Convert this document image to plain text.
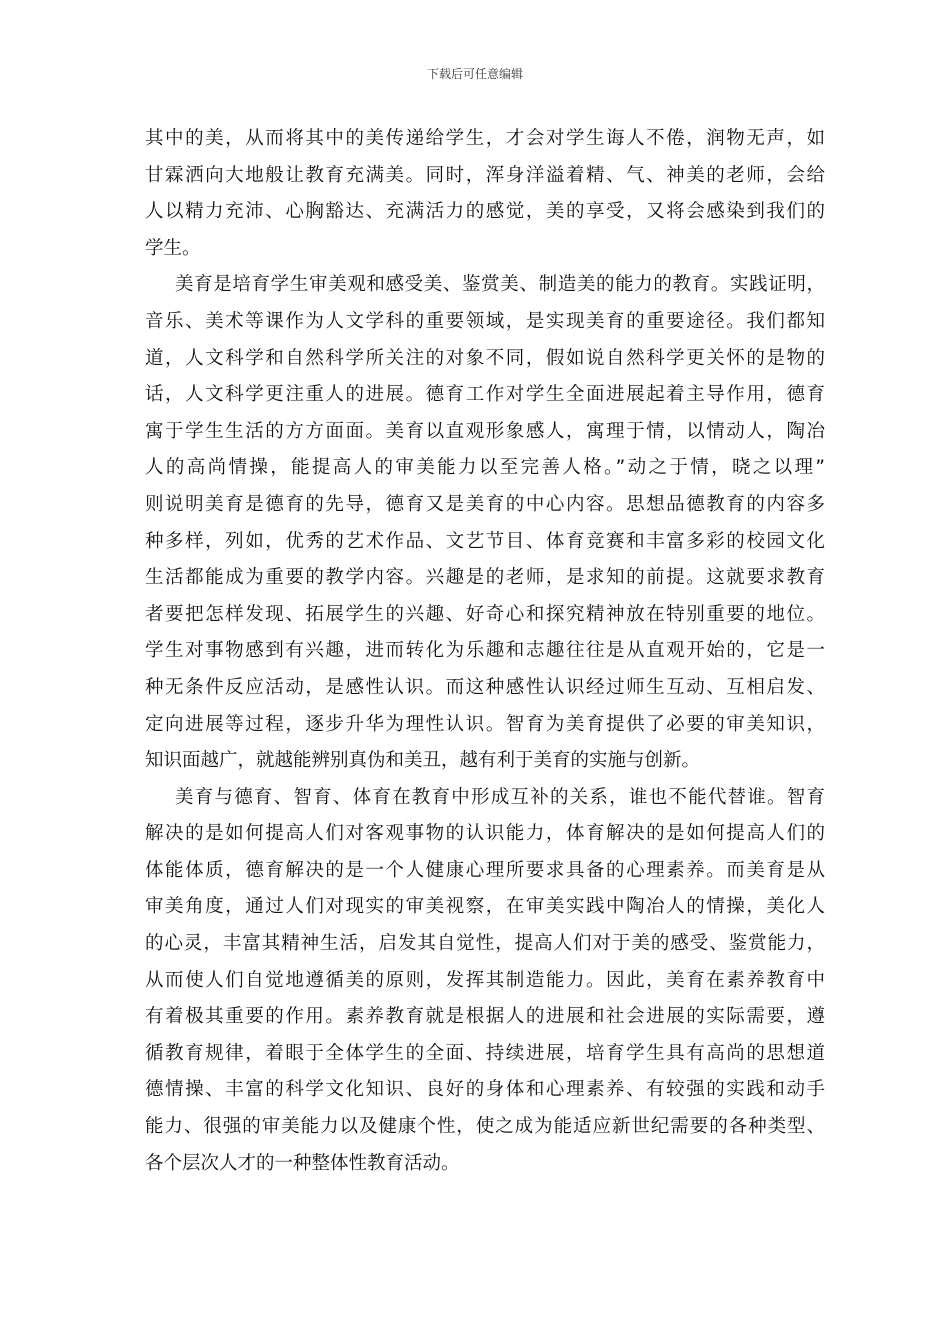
下载后可任意编辑
其中的美，从而将其中的美传递给学生，才会对学生诲人不倦，润物无声，如
甘霖洒向大地般让教育充满美。同时，浑身洋溢着精、气、神美的老师，会给
人以精力充沛、心胸豁达、充满活力的感觉，美的享受，又将会感染到我们的
学生。
美育是培育学生审美观和感受美、鉴赏美、制造美的能力的教育。实践证明，
音乐、美术等课作为人文学科的重要领域，是实现美育的重要途径。我们都知
道，人文科学和自然科学所关注的对象不同，假如说自然科学更关怀的是物的
话，人文科学更注重人的进展。德育工作对学生全面进展起着主导作用，德育
寓于学生生活的方方面面。美育以直观形象感人，寓理于情，以情动人，陶冶
人的高尚情操，能提高人的审美能力以至完善人格。”动之于情，晓之以理”
则说明美育是德育的先导，德育又是美育的中心内容。思想品德教育的内容多
种多样，列如，优秀的艺术作品、文艺节目、体育竞赛和丰富多彩的校园文化
生活都能成为重要的教学内容。兴趣是的老师，是求知的前提。这就要求教育
者要把怎样发现、拓展学生的兴趣、好奇心和探究精神放在特别重要的地位。
学生对事物感到有兴趣，进而转化为乐趣和志趣往往是从直观开始的，它是一
种无条件反应活动，是感性认识。而这种感性认识经过师生互动、互相启发、
定向进展等过程，逐步升华为理性认识。智育为美育提供了必要的审美知识，
知识面越广，就越能辨别真伪和美丑，越有利于美育的实施与创新。
美育与德育、智育、体育在教育中形成互补的关系，谁也不能代替谁。智育
解决的是如何提高人们对客观事物的认识能力，体育解决的是如何提高人们的
体能体质，德育解决的是一个人健康心理所要求具备的心理素养。而美育是从
审美角度，通过人们对现实的审美视察，在审美实践中陶冶人的情操，美化人
的心灵，丰富其精神生活，启发其自觉性，提高人们对于美的感受、鉴赏能力，
从而使人们自觉地遵循美的原则，发挥其制造能力。因此，美育在素养教育中
有着极其重要的作用。素养教育就是根据人的进展和社会进展的实际需要，遵
循教育规律，着眼于全体学生的全面、持续进展，培育学生具有高尚的思想道
德情操、丰富的科学文化知识、良好的身体和心理素养、有较强的实践和动手
能力、很强的审美能力以及健康个性，使之成为能适应新世纪需要的各种类型、
各个层次人才的一种整体性教育活动。
